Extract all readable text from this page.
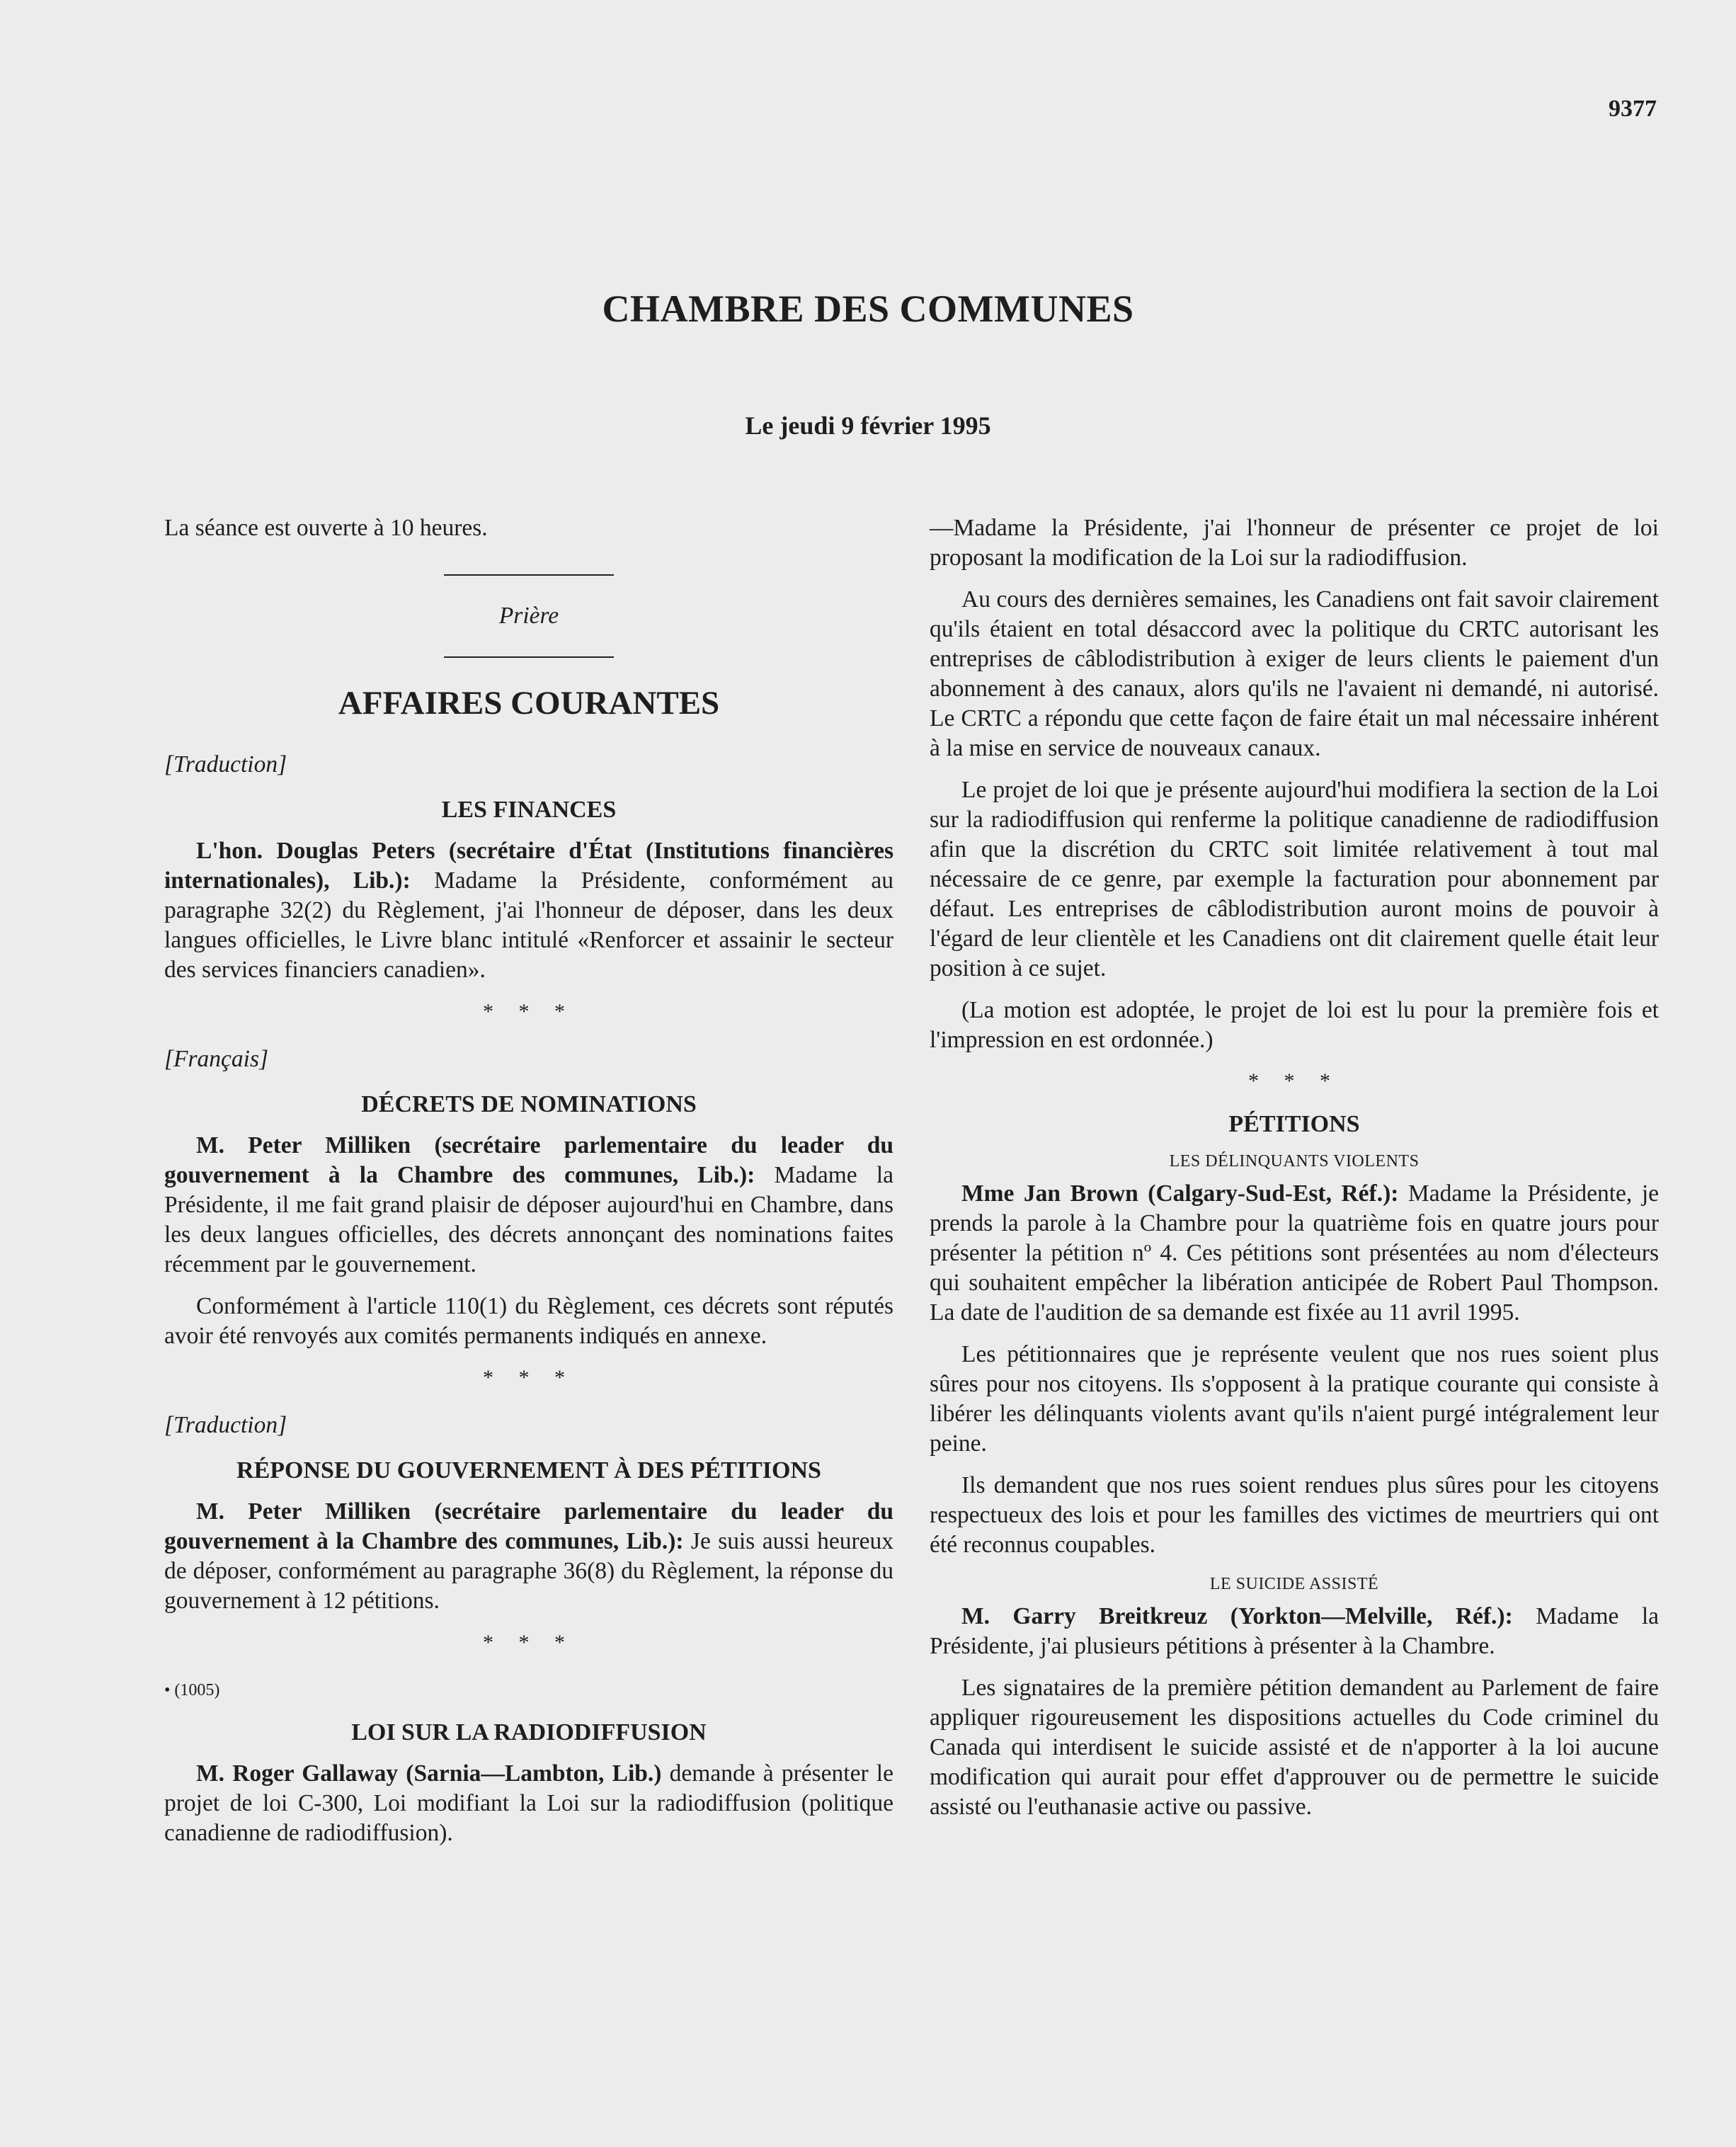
9377
CHAMBRE DES COMMUNES
Le jeudi 9 février 1995

La séance est ouverte à 10 heures.

Prière

AFFAIRES COURANTES

[Traduction]

LES FINANCES

L'hon. Douglas Peters (secrétaire d'État (Institutions financières internationales), Lib.): Madame la Présidente, conformément au paragraphe 32(2) du Règlement, j'ai l'honneur de déposer, dans les deux langues officielles, le Livre blanc intitulé «Renforcer et assainir le secteur des services financiers canadien».

* * *

[Français]

DÉCRETS DE NOMINATIONS

M. Peter Milliken (secrétaire parlementaire du leader du gouvernement à la Chambre des communes, Lib.): Madame la Présidente, il me fait grand plaisir de déposer aujourd'hui en Chambre, dans les deux langues officielles, des décrets annonçant des nominations faites récemment par le gouvernement.

Conformément à l'article 110(1) du Règlement, ces décrets sont réputés avoir été renvoyés aux comités permanents indiqués en annexe.

* * *

[Traduction]

RÉPONSE DU GOUVERNEMENT À DES PÉTITIONS

M. Peter Milliken (secrétaire parlementaire du leader du gouvernement à la Chambre des communes, Lib.): Je suis aussi heureux de déposer, conformément au paragraphe 36(8) du Règlement, la réponse du gouvernement à 12 pétitions.

* * *

• (1005)

LOI SUR LA RADIODIFFUSION

M. Roger Gallaway (Sarnia—Lambton, Lib.) demande à présenter le projet de loi C-300, Loi modifiant la Loi sur la radiodiffusion (politique canadienne de radiodiffusion).

—Madame la Présidente, j'ai l'honneur de présenter ce projet de loi proposant la modification de la Loi sur la radiodiffusion.

Au cours des dernières semaines, les Canadiens ont fait savoir clairement qu'ils étaient en total désaccord avec la politique du CRTC autorisant les entreprises de câblodistribution à exiger de leurs clients le paiement d'un abonnement à des canaux, alors qu'ils ne l'avaient ni demandé, ni autorisé. Le CRTC a répondu que cette façon de faire était un mal nécessaire inhérent à la mise en service de nouveaux canaux.

Le projet de loi que je présente aujourd'hui modifiera la section de la Loi sur la radiodiffusion qui renferme la politique canadienne de radiodiffusion afin que la discrétion du CRTC soit limitée relativement à tout mal nécessaire de ce genre, par exemple la facturation pour abonnement par défaut. Les entreprises de câblodistribution auront moins de pouvoir à l'égard de leur clientèle et les Canadiens ont dit clairement quelle était leur position à ce sujet.

(La motion est adoptée, le projet de loi est lu pour la première fois et l'impression en est ordonnée.)

* * *
PÉTITIONS
LES DÉLINQUANTS VIOLENTS

Mme Jan Brown (Calgary-Sud-Est, Réf.): Madame la Présidente, je prends la parole à la Chambre pour la quatrième fois en quatre jours pour présenter la pétition nº 4. Ces pétitions sont présentées au nom d'électeurs qui souhaitent empêcher la libération anticipée de Robert Paul Thompson. La date de l'audition de sa demande est fixée au 11 avril 1995.

Les pétitionnaires que je représente veulent que nos rues soient plus sûres pour nos citoyens. Ils s'opposent à la pratique courante qui consiste à libérer les délinquants violents avant qu'ils n'aient purgé intégralement leur peine.

Ils demandent que nos rues soient rendues plus sûres pour les citoyens respectueux des lois et pour les familles des victimes de meurtriers qui ont été reconnus coupables.

LE SUICIDE ASSISTÉ

M. Garry Breitkreuz (Yorkton—Melville, Réf.): Madame la Présidente, j'ai plusieurs pétitions à présenter à la Chambre.

Les signataires de la première pétition demandent au Parlement de faire appliquer rigoureusement les dispositions actuelles du Code criminel du Canada qui interdisent le suicide assisté et de n'apporter à la loi aucune modification qui aurait pour effet d'approuver ou de permettre le suicide assisté ou l'euthanasie active ou passive.
